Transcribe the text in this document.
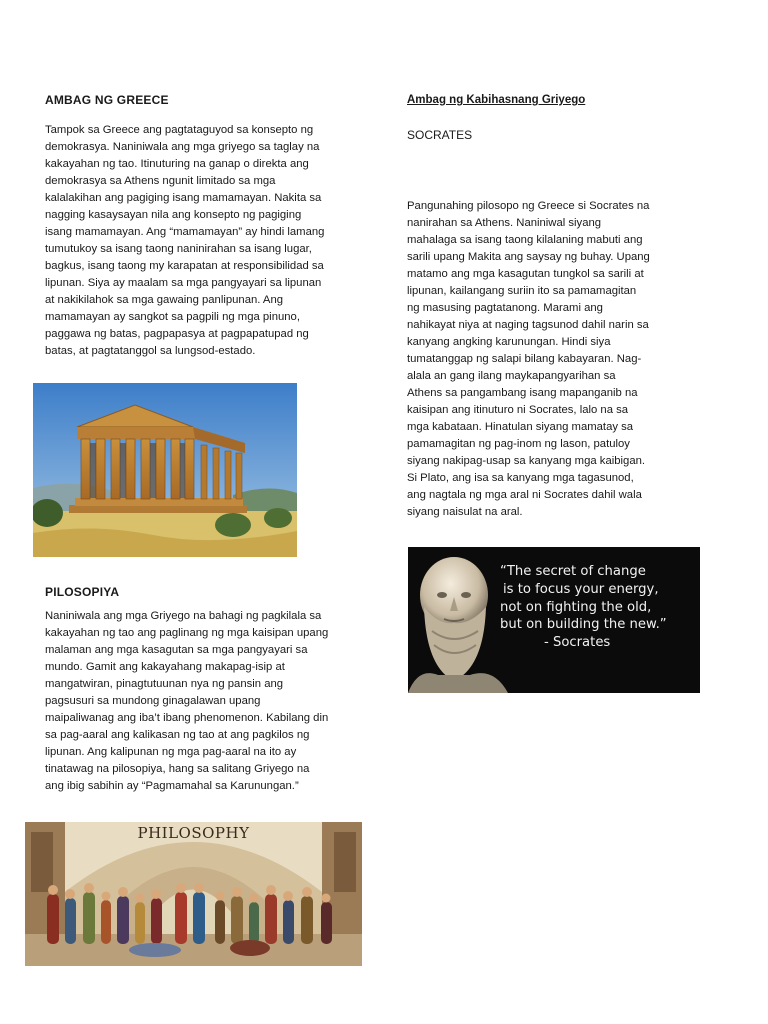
AMBAG NG GREECE
Tampok sa Greece ang pagtataguyod sa konsepto ng
demokrasya. Naniniwala ang mga griyego sa taglay na
kakayahan ng tao. Itinuturing na ganap o direkta ang
demokrasya sa Athens ngunit limitado sa mga
kalalakihan ang pagiging isang mamamayan. Nakita sa
nagging kasaysayan nila ang konsepto ng pagiging
isang mamamayan. Ang “mamamayan” ay hindi lamang
tumutukoy sa isang taong naninirahan sa isang lugar,
bagkus, isang taong my karapatan at responsibilidad sa
lipunan. Siya ay maalam sa mga pangyayari sa lipunan
at nakikilahok sa mga gawaing panlipunan. Ang
mamamayan ay sangkot sa pagpili ng mga pinuno,
paggawa ng batas, pagpapasya at pagpapatupad ng
batas, at pagtatanggol sa lungsod-estado.
PILOSOPIYA
Naniniwala ang mga Griyego na bahagi ng pagkilala sa
kakayahan ng tao ang paglinang ng mga kaisipan upang
malaman ang mga kasagutan sa mga pangyayari sa
mundo. Gamit ang kakayahang makapag-isip at
mangatwiran, pinagtutuunan nya ng pansin ang
pagsusuri sa mundong ginagalawan upang
maipaliwanag ang iba’t ibang phenomenon. Kabilang din
sa pag-aaral ang kalikasan ng tao at ang pagkilos ng
lipunan. Ang kalipunan ng mga pag-aaral na ito ay
tinatawag na pilosopiya, hang sa salitang Griyego na
ang ibig sabihin ay “Pagmamahal sa Karunungan.”
PHILOSOPHY
Ambag ng Kabihasnang Griyego
SOCRATES
Pangunahing pilosopo ng Greece si Socrates na
nanirahan sa Athens. Naniniwal siyang
mahalaga sa isang taong kilalaning mabuti ang
sarili upang Makita ang saysay ng buhay. Upang
matamo ang mga kasagutan tungkol sa sarili at
lipunan, kailangang suriin ito sa pamamagitan
ng masusing pagtatanong. Marami ang
nahikayat niya at naging tagsunod dahil narin sa
kanyang angking karunungan. Hindi siya
tumatanggap ng salapi bilang kabayaran. Nag-
alala an gang ilang maykapangyarihan sa
Athens sa pangambang isang mapanganib na
kaisipan ang itinuturo ni Socrates, lalo na sa
mga kabataan. Hinatulan siyang mamatay sa
pamamagitan ng pag-inom ng lason, patuloy
siyang nakipag-usap sa kanyang mga kaibigan.
Si Plato, ang isa sa kanyang mga tagasunod,
ang nagtala ng mga aral ni Socrates dahil wala
siyang naisulat na aral.
“The secret of change
is to focus your energy,
not on fighting the old,
but on building the new.”
- Socrates
